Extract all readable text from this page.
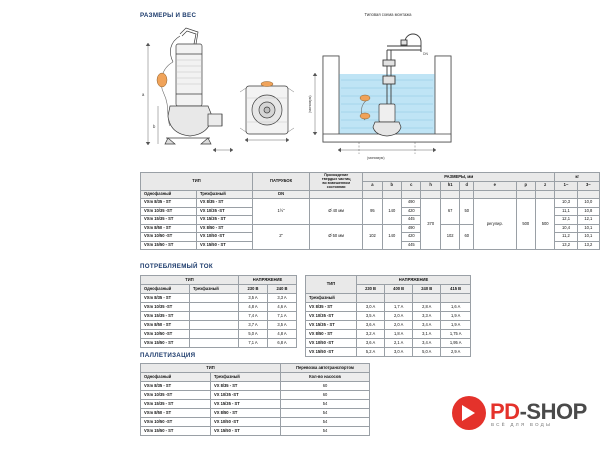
РАЗМЕРЫ И ВЕС
a
b
Типовая схема монтажа
(минимум)
(минимум)
DN
ТИП		ПАТРУБОК	Прохождение
твердых частиц
во взвешенном
состоянии	РАЗМЕРЫ, мм									кг	
				a	b	c	h	h1	d	e	p	z	1~	3~
Однофазный	Трехфазный	DN												
VXm 8/35 - ST	VX 8/35 - ST	1½"	Ø 40 мм	95	140	490	370	67	50	регулир.	500	500	10,3	10,0
VXm 10/35 -ST	VX 10/35 -ST					420							11,1	10,8
VXm 15/35 - ST	VX 15/35 - ST					445							12,1	12,1
VXm 8/50 - ST	VX 8/50 - ST	2"	Ø 50 мм	102	140	490		102	60				10,4	10,1
VXm 10/50 -ST	VX 10/50 -ST					420							11,2	10,1
VXm 15/50 - ST	VX 15/50 - ST					445							13,2	13,2
ПОТРЕБЛЯЕМЫЙ ТОК
ТИП		НАПРЯЖЕНИЕ	
Однофазный	Трехфазный	230 В	240 В
VXm 8/35 - ST		3,5 A	3,3 A
VXm 10/35 -ST		4,8 A	4,6 A
VXm 15/35 - ST		7,4 A	7,1 A
VXm 8/50 - ST		3,7 A	3,5 A
VXm 10/50 -ST		5,0 A	4,8 A
VXm 15/50 - ST		7,1 A	6,8 A
ТИП	НАПРЯЖЕНИЕ			
	230 В	400 В	240 В	415 В
Трехфазный				
VX 8/35 - ST	3,0 A	1,7 A	2,8 A	1,6 A
VX 10/35 -ST	3,5 A	2,0 A	3,3 A	1,9 A
VX 15/35 - ST	3,6 A	2,0 A	3,4 A	1,9 A
VX 8/50 - ST	3,2 A	1,8 A	3,1 A	1,75 A
VX 10/50 -ST	3,6 A	2,1 A	3,4 A	1,95 A
VX 15/50 -ST	5,2 A	3,0 A	5,0 A	2,9 A
ПАЛЛЕТИЗАЦИЯ
ТИП		Перевозка автотранспортом
Однофазный	Трехфазный	Кол-во насосов
VXm 8/35 - ST	VX 8/35 - ST	60
VXm 10/35 -ST	VX 10/35 -ST	60
VXm 15/35 - ST	VX 15/35 - ST	54
VXm 8/50 - ST	VX 8/50 - ST	54
VXm 10/50 -ST	VX 10/50 -ST	54
VXm 15/50 - ST	VX 15/50 - ST	54
PD-SHOP
ВСЁ ДЛЯ ВОДЫ
